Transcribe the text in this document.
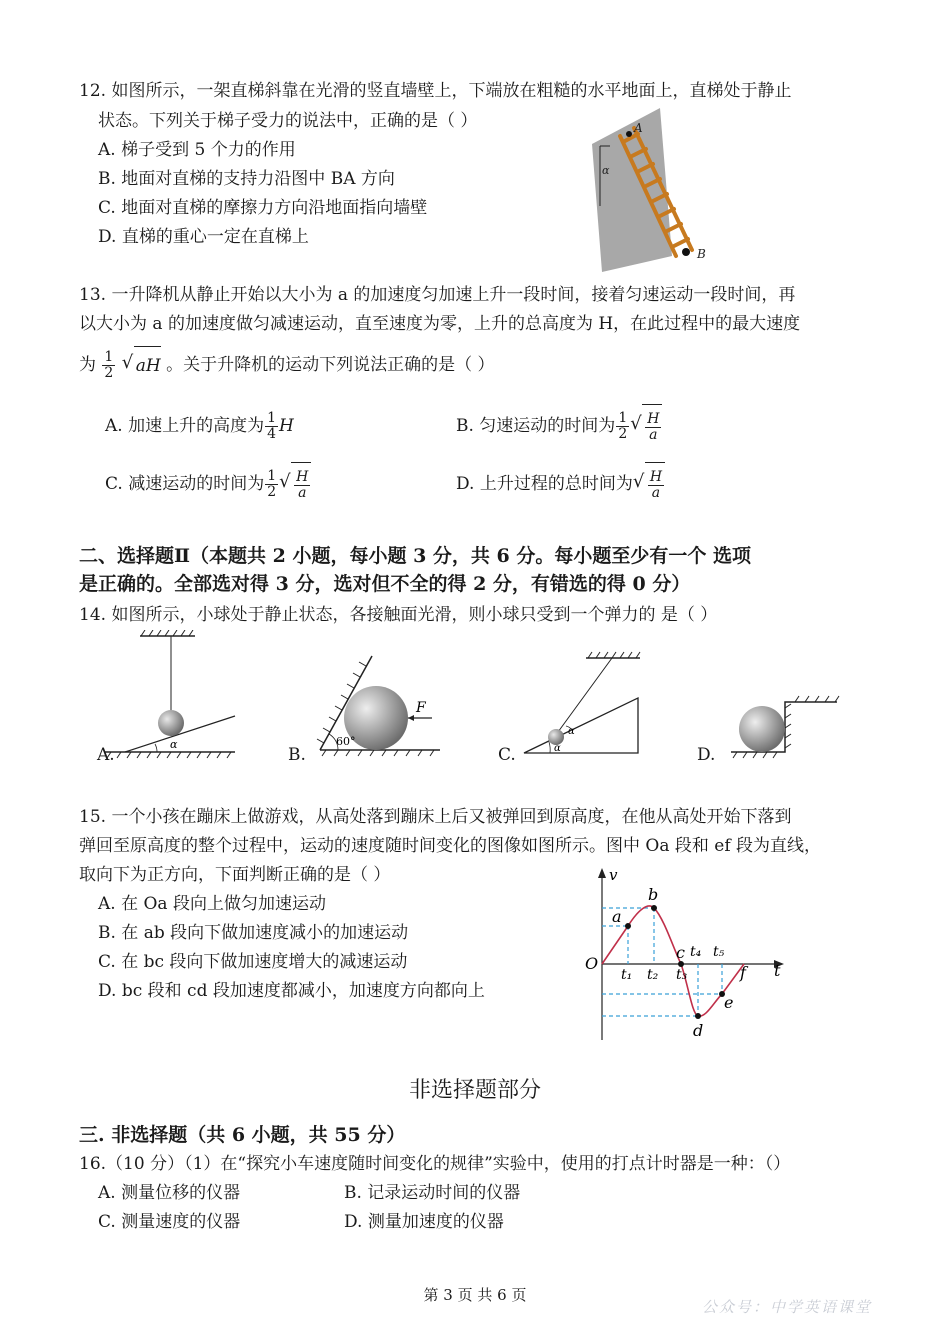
12. 如图所示，一架直梯斜靠在光滑的竖直墙壁上，下端放在粗糙的水平地面上，直梯处于静止
状态。下列关于梯子受力的说法中，正确的是（ ）
A. 梯子受到 5 个力的作用
B. 地面对直梯的支持力沿图中 BA 方向
C. 地面对直梯的摩擦力方向沿地面指向墙壁
D. 直梯的重心一定在直梯上
A
B
α
13. 一升降机从静止开始以大小为 a 的加速度匀加速上升一段时间，接着匀速运动一段时间，再
以大小为 a 的加速度做匀减速运动，直至速度为零，上升的总高度为 H，在此过程中的最大速度
为 $\frac{1}{2}$ √ aH 。关于升降机的运动下列说法正确的是（ ）
A. 加速上升的高度为 $\frac{1}{4}$ H	B. 匀速运动的时间为 $\frac{1}{2}$ √ $\frac{H}{a}$
C. 减速运动的时间为 $\frac{1}{2}$ √ $\frac{H}{a}$	D. 上升过程的总时间为 √ $\frac{H}{a}$
二、选择题Ⅱ（本题共 2 小题，每小题 3 分，共 6 分。每小题至少有一个 选项
是正确的。全部选对得 3 分，选对但不全的得 2 分，有错选的得 0 分）
14. 如图所示，小球处于静止状态，各接触面光滑，则小球只受到一个弹力的 是（ ）
α
A.
F
60°
B.
α
α
C.	D.
15. 一个小孩在蹦床上做游戏，从高处落到蹦床上后又被弹回到原高度，在他从高处开始下落到
弹回至原高度的整个过程中，运动的速度随时间变化的图像如图所示。图中 Oa 段和 ef 段为直线，
取向下为正方向，下面判断正确的是（ ）
A. 在 Oa 段向上做匀加速运动
B. 在 ab 段向下做加速度减小的加速运动
C. 在 bc 段向下做加速度增大的减速运动
D. bc 段和 cd 段加速度都减小，加速度方向都向上
v
t
O
a
b
c
d
e
f
t₁ t₂ t₃
t₄ t₅
非选择题部分
三. 非选择题（共 6 小题，共 55 分）
16.（10 分）（1）在“探究小车速度随时间变化的规律”实验中，使用的打点计时器是一种：（）
A. 测量位移的仪器	B. 记录运动时间的仪器
C. 测量速度的仪器	D. 测量加速度的仪器
第 3 页 共 6 页
公众号：中学英语课堂
